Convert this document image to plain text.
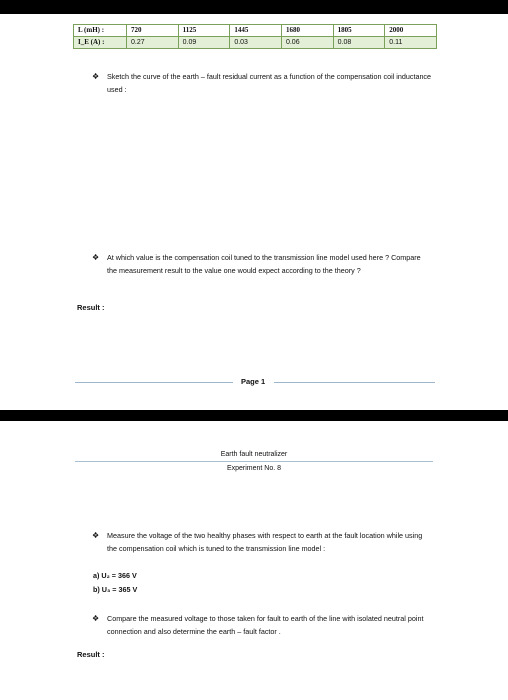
L (mH) :	720	1125	1445	1680	1805	2000
I_E (A) :	0.27	0.09	0.03	0.06	0.08	0.11
❖ Sketch the curve of the earth – fault residual current as a function of the compensation coil inductance used :
❖ At which value is the compensation coil tuned to the transmission line model used here ? Compare the measurement result to the value one would expect according to the theory ?
Result :
Page 1
Earth fault neutralizer
Experiment No. 8
❖ Measure the voltage of the two healthy phases with respect to earth at the fault location while using the compensation coil which is tuned to the transmission line model :
a) U₂ = 366 V
b) U₃ = 365 V
❖ Compare the measured voltage to those taken for fault to earth of the line with isolated neutral point connection and also determine the earth – fault factor .
Result :
